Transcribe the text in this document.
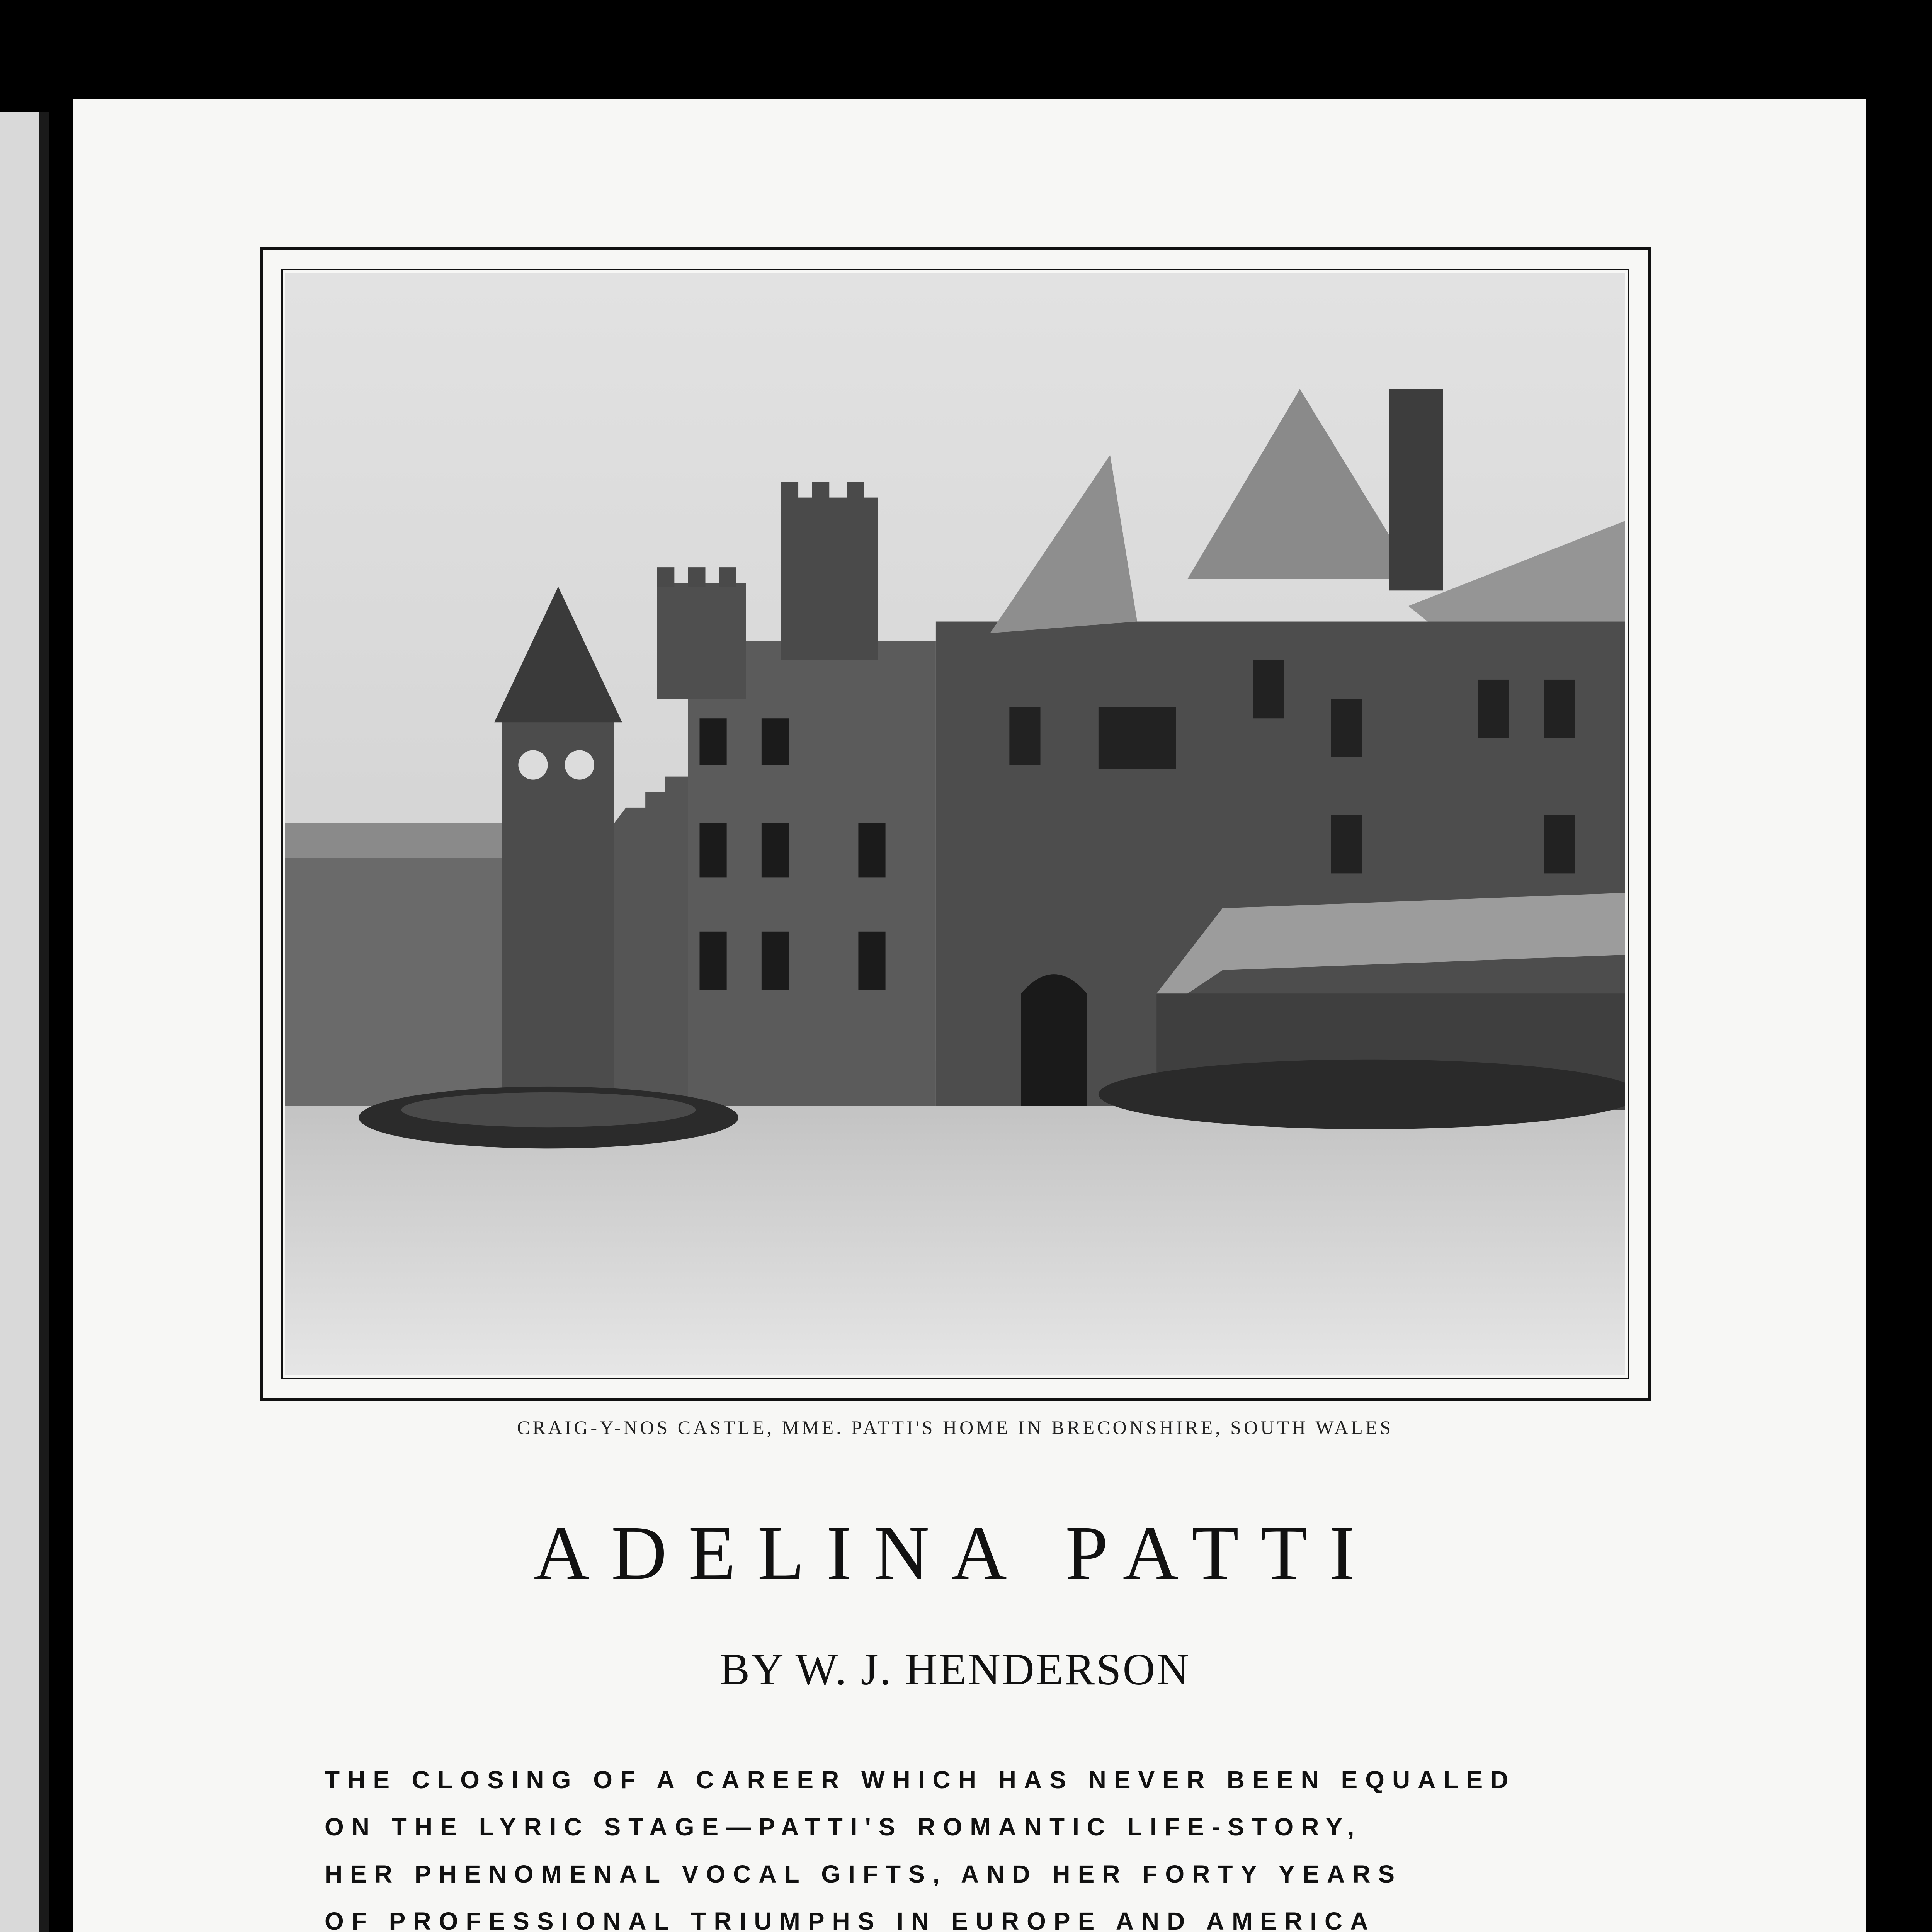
CRAIG-Y-NOS CASTLE, MME. PATTI'S HOME IN BRECONSHIRE, SOUTH WALES
ADELINA PATTI
BY W. J. HENDERSON
THE CLOSING OF A CAREER WHICH HAS NEVER BEEN EQUALED
ON THE LYRIC STAGE—PATTI'S ROMANTIC LIFE-STORY,
HER PHENOMENAL VOCAL GIFTS, AND HER FORTY YEARS
OF PROFESSIONAL TRIUMPHS IN EUROPE AND AMERICA
